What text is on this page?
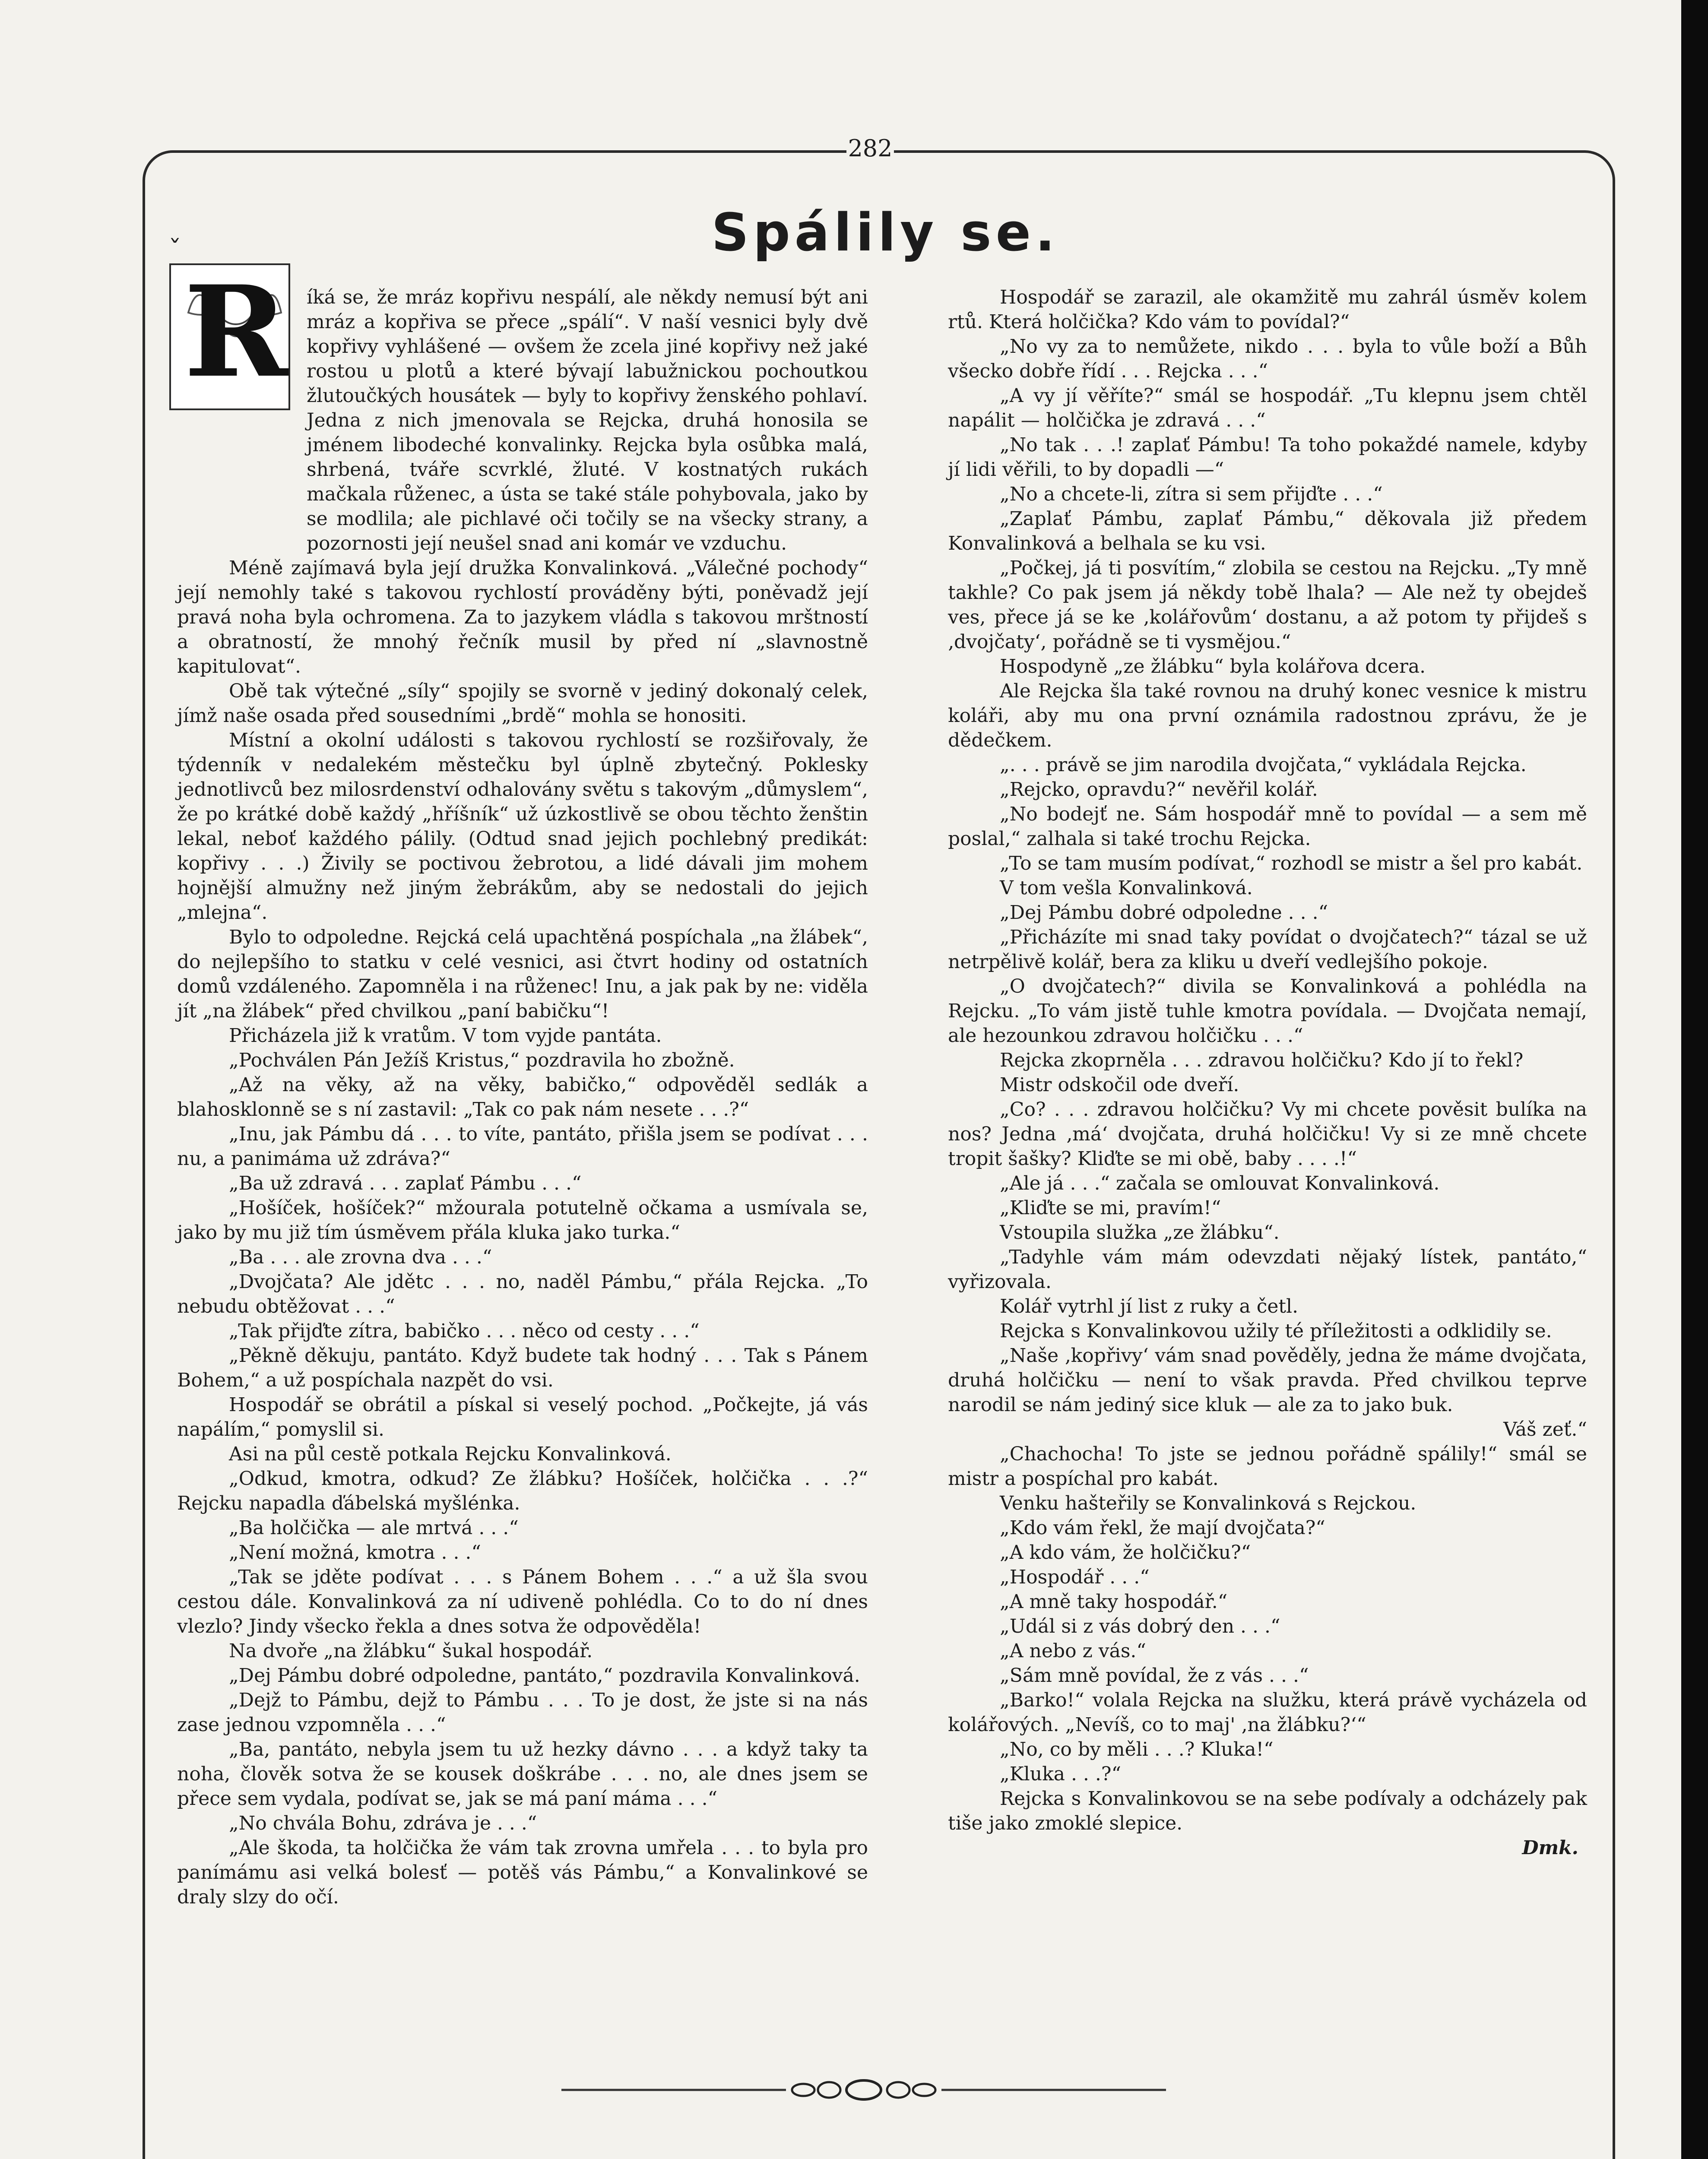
282
Spálily se.
ˇ
R íká se, že mráz kopřivu nespálí, ale někdy nemusí být ani mráz a kopřiva se přece „spálí“. V naší vesnici byly dvě kopřivy vyhlášené — ovšem že zcela jiné kopřivy než jaké rostou u plotů a které bývají labužnickou pochoutkou žlutoučkých housátek — byly to kopřivy ženského pohlaví. Jedna z nich jmenovala se Rejcka, druhá honosila se jménem libodeché konvalinky. Rejcka byla osůbka malá, shrbená, tváře scvrklé, žluté. V kostnatých rukách mačkala růženec, a ústa se také stále pohybovala, jako by se modlila; ale pichlavé oči točily se na všecky strany, a pozornosti její neušel snad ani komár ve vzduchu.

Méně zajímavá byla její družka Konvalinková. „Válečné pochody“ její nemohly také s takovou rychlostí prováděny býti, poněvadž její pravá noha byla ochromena. Za to jazykem vládla s takovou mrštností a obratností, že mnohý řečník musil by před ní „slavnostně kapitulovat“.

Obě tak výtečné „síly“ spojily se svorně v jediný dokonalý celek, jímž naše osada před sousedními „brdě“ mohla se honositi.

Místní a okolní události s takovou rychlostí se rozšiřovaly, že týdenník v nedalekém městečku byl úplně zbytečný. Poklesky jednotlivců bez milosrdenství odhalovány světu s takovým „důmyslem“, že po krátké době každý „hříšník“ už úzkostlivě se obou těchto ženštin lekal, neboť každého pálily. (Odtud snad jejich pochlebný predikát: kopřivy . . .) Živily se poctivou žebrotou, a lidé dávali jim mohem hojnější almužny než jiným žebrákům, aby se nedostali do jejich „mlejna“.

Bylo to odpoledne. Rejcká celá upachtěná pospíchala „na žlábek“, do nejlepšího to statku v celé vesnici, asi čtvrt hodiny od ostatních domů vzdáleného. Zapomněla i na růženec! Inu, a jak pak by ne: viděla jít „na žlábek“ před chvilkou „paní babičku“!

Přicházela již k vratům. V tom vyjde pantáta.

„Pochválen Pán Ježíš Kristus,“ pozdravila ho zbožně.

„Až na věky, až na věky, babičko,“ odpověděl sedlák a blahosklonně se s ní zastavil: „Tak co pak nám nesete . . .?“

„Inu, jak Pámbu dá . . . to víte, pantáto, přišla jsem se podívat . . . nu, a panimáma už zdráva?“

„Ba už zdravá . . . zaplať Pámbu . . .“

„Hošíček, hošíček?“ mžourala potutelně očkama a usmívala se, jako by mu již tím úsměvem přála kluka jako turka.“

„Ba . . . ale zrovna dva . . .“

„Dvojčata? Ale jdětc . . . no, naděl Pámbu,“ přála Rejcka. „To nebudu obtěžovat . . .“

„Tak přijďte zítra, babičko . . . něco od cesty . . .“

„Pěkně děkuju, pantáto. Když budete tak hodný . . . Tak s Pánem Bohem,“ a už pospíchala nazpět do vsi.

Hospodář se obrátil a pískal si veselý pochod. „Počkejte, já vás napálím,“ pomyslil si.

Asi na půl cestě potkala Rejcku Konvalinková.

„Odkud, kmotra, odkud? Ze žlábku? Hošíček, holčička . . .?“ Rejcku napadla ďábelská myšlénka.

„Ba holčička — ale mrtvá . . .“

„Není možná, kmotra . . .“

„Tak se jděte podívat . . . s Pánem Bohem . . .“ a už šla svou cestou dále. Konvalinková za ní udiveně pohlédla. Co to do ní dnes vlezlo? Jindy všecko řekla a dnes sotva že odpověděla!

Na dvoře „na žlábku“ šukal hospodář.

„Dej Pámbu dobré odpoledne, pantáto,“ pozdravila Konvalinková.

„Dejž to Pámbu, dejž to Pámbu . . . To je dost, že jste si na nás zase jednou vzpomněla . . .“

„Ba, pantáto, nebyla jsem tu už hezky dávno . . . a když taky ta noha, člověk sotva že se kousek doškrábe . . . no, ale dnes jsem se přece sem vydala, podívat se, jak se má paní máma . . .“

„No chvála Bohu, zdráva je . . .“

„Ale škoda, ta holčička že vám tak zrovna umřela . . . to byla pro panímámu asi velká bolesť — potěš vás Pámbu,“ a Konvalinkové se draly slzy do očí.

Hospodář se zarazil, ale okamžitě mu zahrál úsměv kolem rtů. Která holčička? Kdo vám to povídal?“

„No vy za to nemůžete, nikdo . . . byla to vůle boží a Bůh všecko dobře řídí . . . Rejcka . . .“

„A vy jí věříte?“ smál se hospodář. „Tu klepnu jsem chtěl napálit — holčička je zdravá . . .“

„No tak . . .! zaplať Pámbu! Ta toho pokaždé namele, kdyby jí lidi věřili, to by dopadli —“

„No a chcete-li, zítra si sem přijďte . . .“

„Zaplať Pámbu, zaplať Pámbu,“ děkovala již předem Konvalinková a belhala se ku vsi.

„Počkej, já ti posvítím,“ zlobila se cestou na Rejcku. „Ty mně takhle? Co pak jsem já někdy tobě lhala? — Ale než ty obejdeš ves, přece já se ke ‚kolářovům‘ dostanu, a až potom ty přijdeš s ‚dvojčaty‘, pořádně se ti vysmějou.“

Hospodyně „ze žlábku“ byla kolářova dcera.

Ale Rejcka šla také rovnou na druhý konec vesnice k mistru koláři, aby mu ona první oznámila radostnou zprávu, že je dědečkem.

„. . . právě se jim narodila dvojčata,“ vykládala Rejcka.

„Rejcko, opravdu?“ nevěřil kolář.

„No bodejť ne. Sám hospodář mně to povídal — a sem mě poslal,“ zalhala si také trochu Rejcka.

„To se tam musím podívat,“ rozhodl se mistr a šel pro kabát.

V tom vešla Konvalinková.

„Dej Pámbu dobré odpoledne . . .“

„Přicházíte mi snad taky povídat o dvojčatech?“ tázal se už netrpělivě kolář, bera za kliku u dveří vedlejšího pokoje.

„O dvojčatech?“ divila se Konvalinková a pohlédla na Rejcku. „To vám jistě tuhle kmotra povídala. — Dvojčata nemají, ale hezounkou zdravou holčičku . . .“

Rejcka zkoprněla . . . zdravou holčičku? Kdo jí to řekl?

Mistr odskočil ode dveří.

„Co? . . . zdravou holčičku? Vy mi chcete pověsit bulíka na nos? Jedna ‚má‘ dvojčata, druhá holčičku! Vy si ze mně chcete tropit šašky? Kliďte se mi obě, baby . . . .!“

„Ale já . . .“ začala se omlouvat Konvalinková.

„Kliďte se mi, pravím!“

Vstoupila služka „ze žlábku“.

„Tadyhle vám mám odevzdati nějaký lístek, pantáto,“ vyřizovala.

Kolář vytrhl jí list z ruky a četl.

Rejcka s Konvalinkovou užily té příležitosti a odklidily se.

„Naše ‚kopřivy‘ vám snad pověděly, jedna že máme dvojčata, druhá holčičku — není to však pravda. Před chvilkou teprve narodil se nám jediný sice kluk — ale za to jako buk.

Váš zeť.“

„Chachocha! To jste se jednou pořádně spálily!“ smál se mistr a pospíchal pro kabát.

Venku hašteřily se Konvalinková s Rejckou.

„Kdo vám řekl, že mají dvojčata?“

„A kdo vám, že holčičku?“

„Hospodář . . .“

„A mně taky hospodář.“

„Udál si z vás dobrý den . . .“

„A nebo z vás.“

„Sám mně povídal, že z vás . . .“

„Barko!“ volala Rejcka na služku, která právě vycházela od kolářových. „Nevíš, co to maj' ‚na žlábku?‘“

„No, co by měli . . .? Kluka!“

„Kluka . . .?“

Rejcka s Konvalinkovou se na sebe podívaly a odcházely pak tiše jako zmoklé slepice.

Dmk.
